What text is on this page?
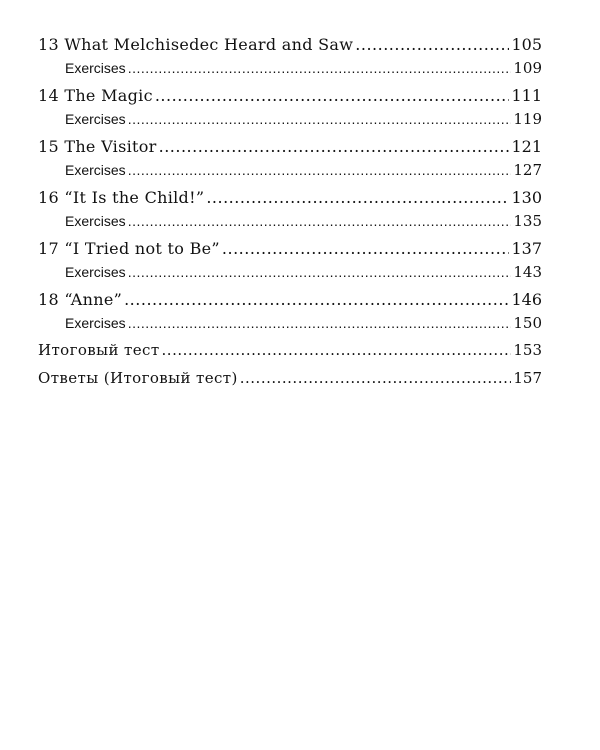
13 What Melchisedec Heard and Saw .....	105
Exercises .....	109
14 The Magic .....	111
Exercises .....	119
15 The Visitor .....	121
Exercises .....	127
16 “It Is the Child!” .....	130
Exercises .....	135
17 “I Tried not to Be” .....	137
Exercises .....	143
18 “Anne” .....	146
Exercises .....	150
Итоговый тест .....	153
Ответы (Итоговый тест) .....	157
